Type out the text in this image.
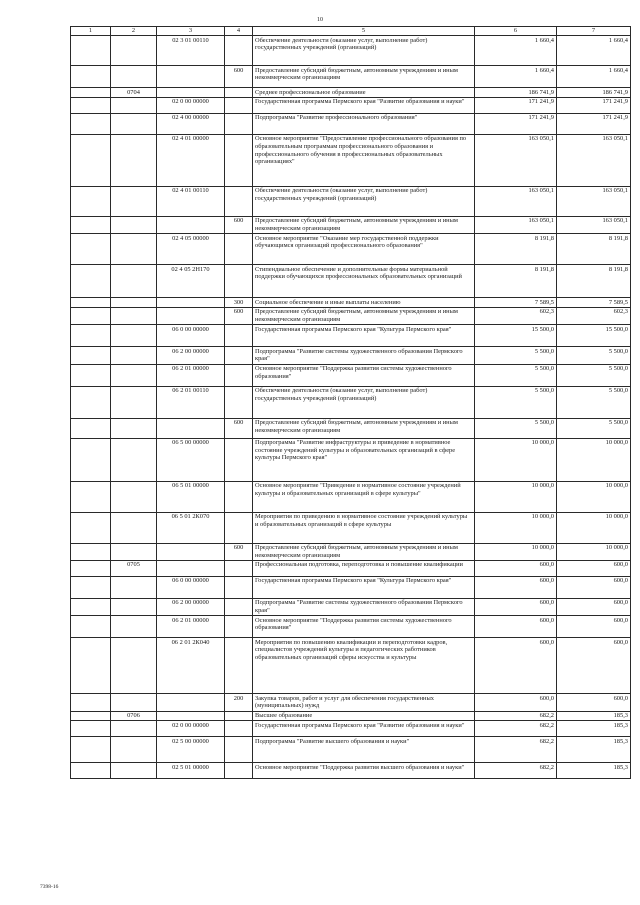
10
1	2	3	4	5	6	7
		02 3 01 00110		Обеспечение деятельности (оказание услуг, выполнение работ) государственных учреждений (организаций)	1 660,4	1 660,4
			600	Предоставление субсидий бюджетным, автономным учреждениям и иным некоммерческим организациям	1 660,4	1 660,4
	0704			Среднее профессиональное образование	186 741,9	186 741,9
		02 0 00 00000		Государственная программа Пермского края "Развитие образования и науки"	171 241,9	171 241,9
		02 4 00 00000		Подпрограмма "Развитие профессионального образования"	171 241,9	171 241,9
		02 4 01 00000		Основное мероприятие "Предоставление профессионального образования по образовательным программам профессионального образования и профессионального обучения в профессиональных образовательных организациях"	163 050,1	163 050,1
		02 4 01 00110		Обеспечение деятельности (оказание услуг, выполнение работ) государственных учреждений (организаций)	163 050,1	163 050,1
			600	Предоставление субсидий бюджетным, автономным учреждениям и иным некоммерческим организациям	163 050,1	163 050,1
		02 4 05 00000		Основное мероприятие "Оказание мер государственной поддержки обучающимся организаций профессионального образования"	8 191,8	8 191,8
		02 4 05 2Н170		Стипендиальное обеспечение и дополнительные формы материальной поддержки обучающихся профессиональных образовательных организаций	8 191,8	8 191,8
			300	Социальное обеспечение и иные выплаты населению	7 589,5	7 589,5
			600	Предоставление субсидий бюджетным, автономным учреждениям и иным некоммерческим организациям	602,3	602,3
		06 0 00 00000		Государственная программа Пермского края "Культура Пермского края"	15 500,0	15 500,0
		06 2 00 00000		Подпрограмма "Развитие системы художественного образования Пермского края"	5 500,0	5 500,0
		06 2 01 00000		Основное мероприятие "Поддержка развития системы художественного образования"	5 500,0	5 500,0
		06 2 01 00110		Обеспечение деятельности (оказание услуг, выполнение работ) государственных учреждений (организаций)	5 500,0	5 500,0
			600	Предоставление субсидий бюджетным, автономным учреждениям и иным некоммерческим организациям	5 500,0	5 500,0
		06 5 00 00000		Подпрограмма "Развитие инфраструктуры и приведение в нормативное состояние учреждений культуры и образовательных организаций в сфере культуры Пермского края"	10 000,0	10 000,0
		06 5 01 00000		Основное мероприятие "Приведение в нормативное состояние учреждений культуры и образовательных организаций в сфере культуры"	10 000,0	10 000,0
		06 5 01 2К070		Мероприятия по приведению в нормативное состояние учреждений культуры и образовательных организаций в сфере культуры	10 000,0	10 000,0
			600	Предоставление субсидий бюджетным, автономным учреждениям и иным некоммерческим организациям	10 000,0	10 000,0
	0705			Профессиональная подготовка, переподготовка и повышение квалификации	600,0	600,0
		06 0 00 00000		Государственная программа Пермского края "Культура Пермского края"	600,0	600,0
		06 2 00 00000		Подпрограмма "Развитие системы художественного образования Пермского края"	600,0	600,0
		06 2 01 00000		Основное мероприятие "Поддержка развития системы художественного образования"	600,0	600,0
		06 2 01 2К040		Мероприятия по повышению квалификации и переподготовки кадров, специалистов учреждений культуры и педагогических работников образовательных организаций сферы искусства и культуры	600,0	600,0
			200	Закупка товаров, работ и услуг для обеспечения государственных (муниципальных) нужд	600,0	600,0
	0706			Высшее образование	682,2	185,3
		02 0 00 00000		Государственная программа Пермского края "Развитие образования и науки"	682,2	185,3
		02 5 00 00000		Подпрограмма "Развитие высшего образования и науки"	682,2	185,3
		02 5 01 00000		Основное мероприятие "Поддержка развития высшего образования и науки"	682,2	185,3
7398-16
